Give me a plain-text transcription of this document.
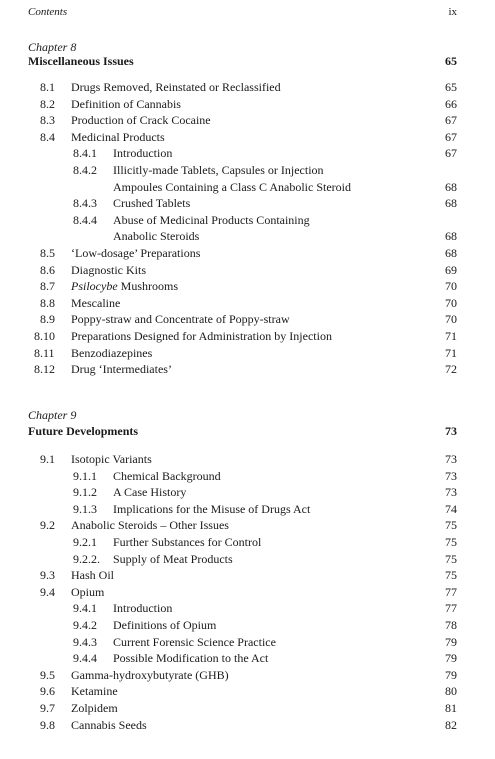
Contents	ix
Chapter 8
Miscellaneous Issues	65
8.1 Drugs Removed, Reinstated or Reclassified	65
8.2 Definition of Cannabis	66
8.3 Production of Crack Cocaine	67
8.4 Medicinal Products	67
8.4.1 Introduction	67
8.4.2 Illicitly-made Tablets, Capsules or Injection
Ampoules Containing a Class C Anabolic Steroid	68
8.4.3 Crushed Tablets	68
8.4.4 Abuse of Medicinal Products Containing
Anabolic Steroids	68
8.5 ‘Low-dosage’ Preparations	68
8.6 Diagnostic Kits	69
8.7 Psilocybe Mushrooms	70
8.8 Mescaline	70
8.9 Poppy-straw and Concentrate of Poppy-straw	70
8.10 Preparations Designed for Administration by Injection	71
8.11 Benzodiazepines	71
8.12 Drug ‘Intermediates’	72
Chapter 9
Future Developments	73
9.1 Isotopic Variants	73
9.1.1 Chemical Background	73
9.1.2 A Case History	73
9.1.3 Implications for the Misuse of Drugs Act	74
9.2 Anabolic Steroids – Other Issues	75
9.2.1 Further Substances for Control	75
9.2.2. Supply of Meat Products	75
9.3 Hash Oil	75
9.4 Opium	77
9.4.1 Introduction	77
9.4.2 Definitions of Opium	78
9.4.3 Current Forensic Science Practice	79
9.4.4 Possible Modification to the Act	79
9.5 Gamma-hydroxybutyrate (GHB)	79
9.6 Ketamine	80
9.7 Zolpidem	81
9.8 Cannabis Seeds	82
